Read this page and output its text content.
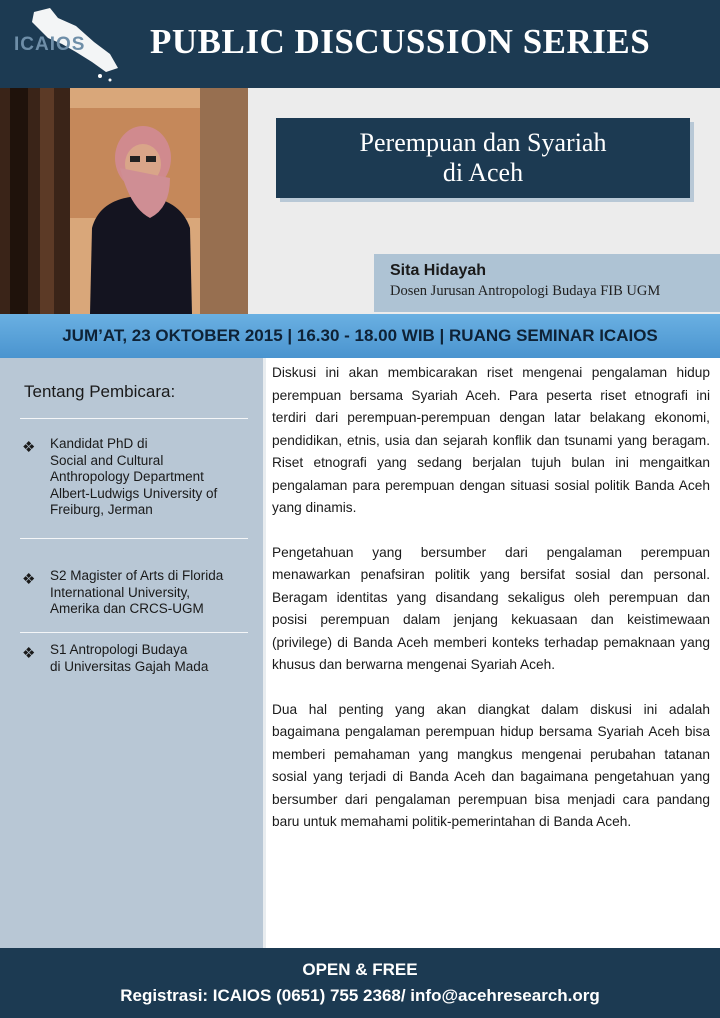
ICAIOS PUBLIC DISCUSSION SERIES
Perempuan dan Syariah
di Aceh
Sita Hidayah
Dosen Jurusan Antropologi Budaya FIB UGM
JUM’AT, 23 OKTOBER 2015 | 16.30 - 18.00 WIB | RUANG SEMINAR ICAIOS
Tentang Pembicara:
❖ Kandidat PhD di
Social and Cultural
Anthropology Department
Albert-Ludwigs University of
Freiburg, Jerman
❖ S2 Magister of Arts di Florida
International University,
Amerika dan CRCS-UGM
❖ S1 Antropologi Budaya
di Universitas Gajah Mada

Diskusi ini akan membicarakan riset mengenai pengalaman hidup perempuan bersama Syariah Aceh. Para peserta riset etnografi ini terdiri dari perempuan-perempuan dengan latar belakang ekonomi, pendidikan, etnis, usia dan sejarah konflik dan tsunami yang beragam. Riset etnografi yang sedang berjalan tujuh bulan ini mengaitkan pengalaman para perempuan dengan situasi sosial politik Banda Aceh yang dinamis.

Pengetahuan yang bersumber dari pengalaman perempuan menawarkan penafsiran politik yang bersifat sosial dan personal. Beragam identitas yang disandang sekaligus oleh perempuan dan posisi perempuan dalam jenjang kekuasaan dan keistimewaan (privilege) di Banda Aceh memberi konteks terhadap pemaknaan yang khusus dan berwarna mengenai Syariah Aceh.

Dua hal penting yang akan diangkat dalam diskusi ini adalah bagaimana pengalaman perempuan hidup bersama Syariah Aceh bisa memberi pemahaman yang mangkus mengenai perubahan tatanan sosial yang terjadi di Banda Aceh dan bagaimana pengetahuan yang bersumber dari pengalaman perempuan bisa menjadi cara pandang baru untuk memahami politik-pemerintahan di Banda Aceh.

OPEN & FREE
Registrasi: ICAIOS (0651) 755 2368/ info@acehresearch.org
